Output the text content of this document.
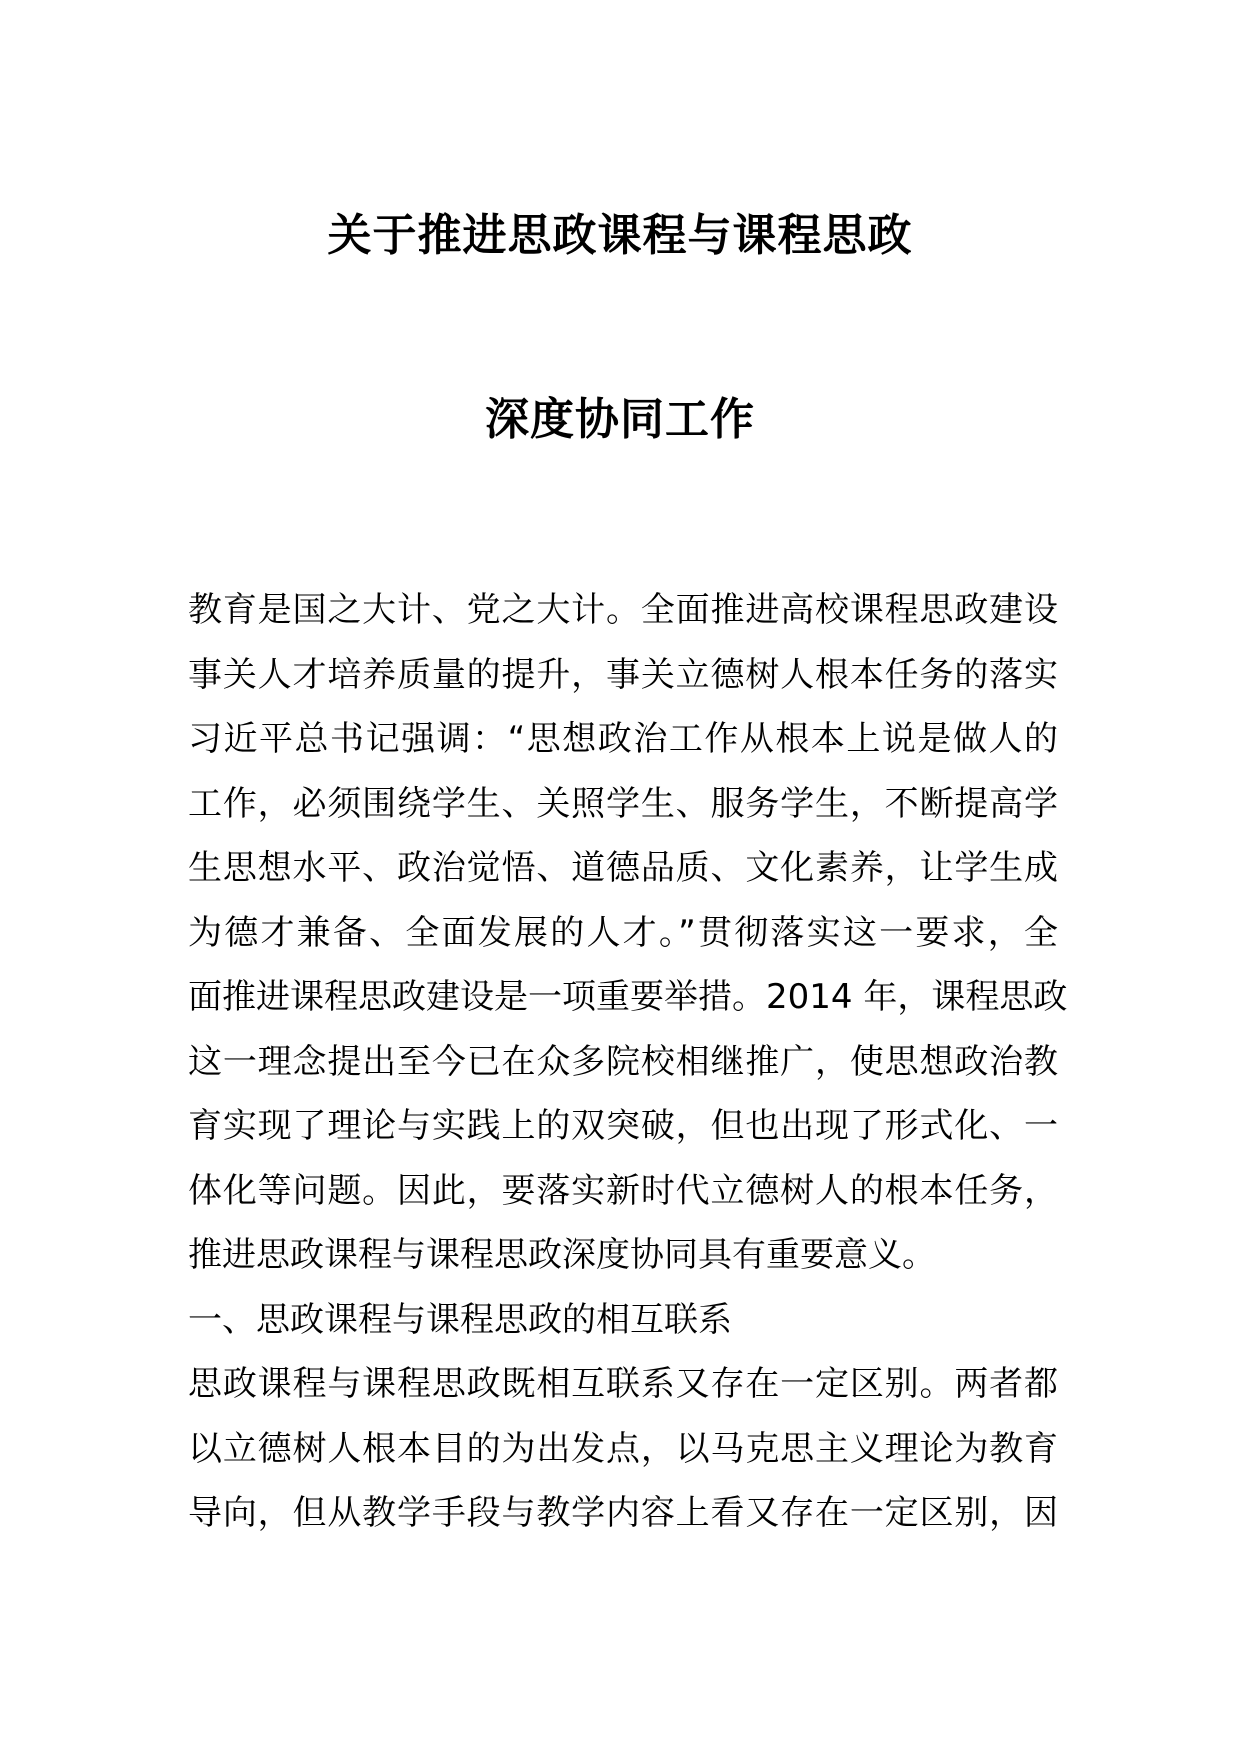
关于推进思政课程与课程思政
深度协同工作
教育是国之大计、党之大计。全面推进高校课程思政建设
事关人才培养质量的提升，事关立德树人根本任务的落实
习近平总书记强调：“思想政治工作从根本上说是做人的
工作，必须围绕学生、关照学生、服务学生，不断提高学
生思想水平、政治觉悟、道德品质、文化素养，让学生成
为德才兼备、全面发展的人才。”贯彻落实这一要求，全
面推进课程思政建设是一项重要举措。2014 年，课程思政
这一理念提出至今已在众多院校相继推广，使思想政治教
育实现了理论与实践上的双突破，但也出现了形式化、一
体化等问题。因此，要落实新时代立德树人的根本任务，
推进思政课程与课程思政深度协同具有重要意义。
一、思政课程与课程思政的相互联系
思政课程与课程思政既相互联系又存在一定区别。两者都
以立德树人根本目的为出发点，以马克思主义理论为教育
导向，但从教学手段与教学内容上看又存在一定区别，因
